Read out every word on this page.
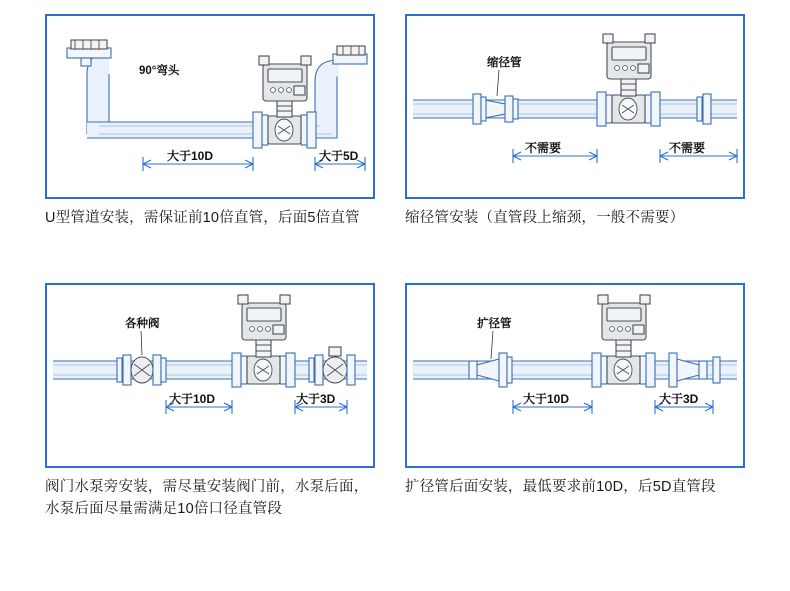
90°弯头
大于10D	大于5D
U型管道安装，需保证前10倍直管，后面5倍直管
缩径管
不需要	不需要
缩径管安装（直管段上缩颈，一般不需要）
各种阀
大于10D	大于3D
阀门水泵旁安装，需尽量安装阀门前，水泵后面，水泵后面尽量需满足10倍口径直管段
扩径管
大于10D	大于3D
扩径管后面安装，最低要求前10D，后5D直管段
